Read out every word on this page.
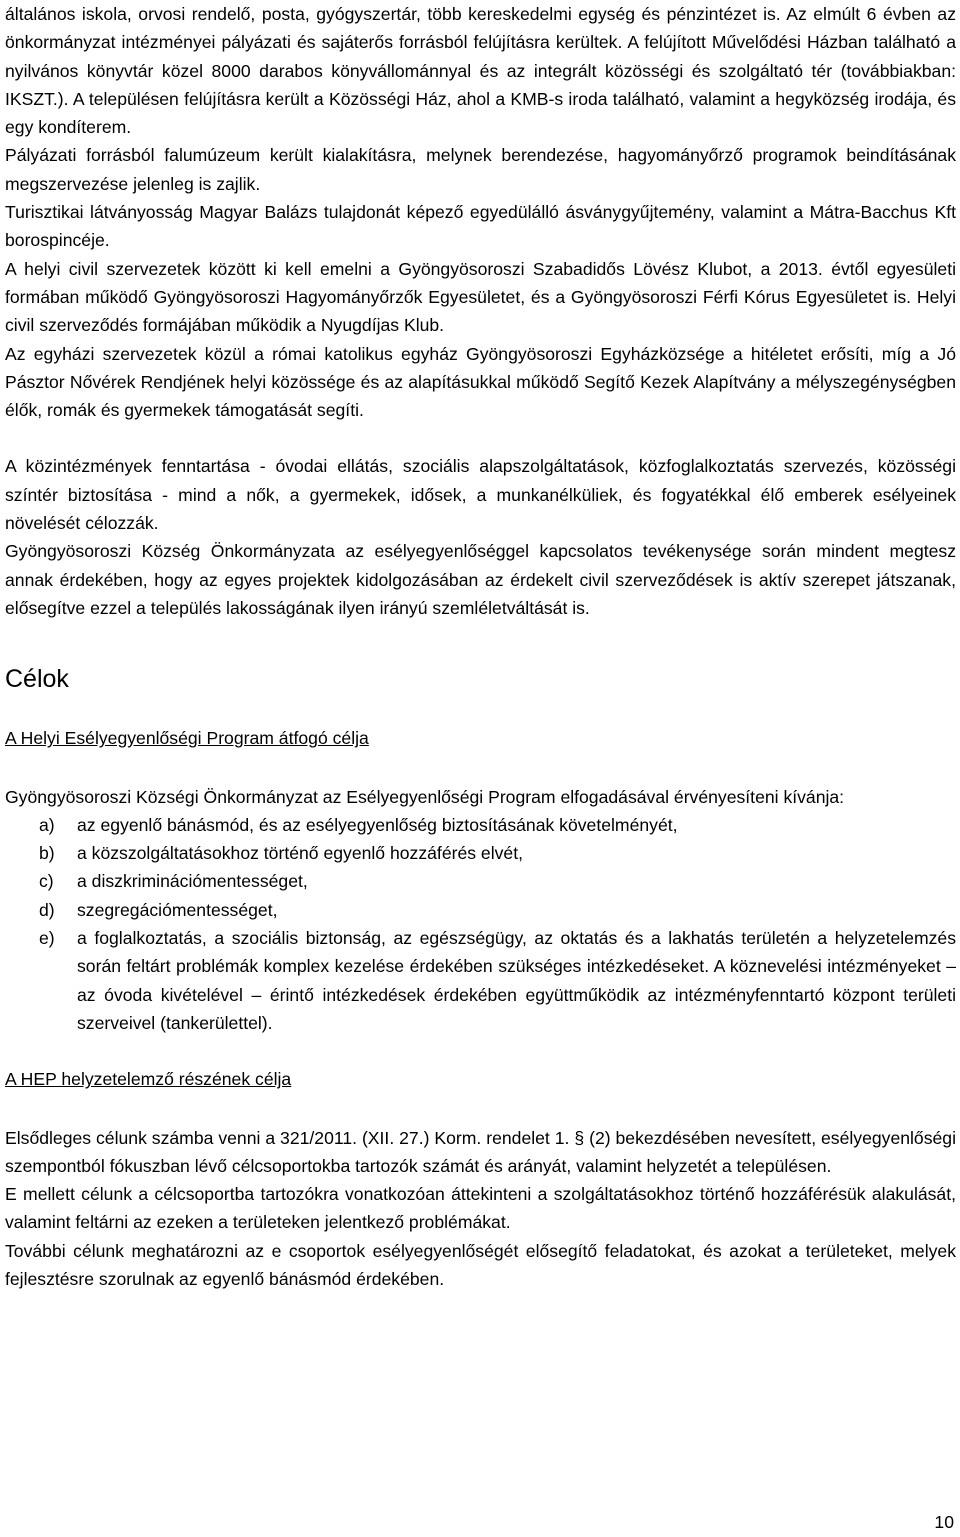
általános iskola, orvosi rendelő, posta, gyógyszertár, több kereskedelmi egység és pénzintézet is. Az elmúlt 6 évben az önkormányzat intézményei pályázati és sajáterős forrásból felújításra kerültek. A felújított Művelődési Házban található a nyilvános könyvtár közel 8000 darabos könyvállománnyal és az integrált közösségi és szolgáltató tér (továbbiakban: IKSZT.). A településen felújításra került a Közösségi Ház, ahol a KMB-s iroda található, valamint a hegyközség irodája, és egy kondíterem.

Pályázati forrásból falumúzeum került kialakításra, melynek berendezése, hagyományőrző programok beindításának megszervezése jelenleg is zajlik.

Turisztikai látványosság Magyar Balázs tulajdonát képező egyedülálló ásványgyűjtemény, valamint a Mátra-Bacchus Kft borospincéje.

A helyi civil szervezetek között ki kell emelni a Gyöngyösoroszi Szabadidős Lövész Klubot, a 2013. évtől egyesületi formában működő Gyöngyösoroszi Hagyományőrzők Egyesületet, és a Gyöngyösoroszi Férfi Kórus Egyesületet is. Helyi civil szerveződés formájában működik a Nyugdíjas Klub.

Az egyházi szervezetek közül a római katolikus egyház Gyöngyösoroszi Egyházközsége a hitéletet erősíti, míg a Jó Pásztor Nővérek Rendjének helyi közössége és az alapításukkal működő Segítő Kezek Alapítvány a mélyszegénységben élők, romák és gyermekek támogatását segíti.

A közintézmények fenntartása - óvodai ellátás, szociális alapszolgáltatások, közfoglalkoztatás szervezés, közösségi színtér biztosítása - mind a nők, a gyermekek, idősek, a munkanélküliek, és fogyatékkal élő emberek esélyeinek növelését célozzák.

Gyöngyösoroszi Község Önkormányzata az esélyegyenlőséggel kapcsolatos tevékenysége során mindent megtesz annak érdekében, hogy az egyes projektek kidolgozásában az érdekelt civil szerveződések is aktív szerepet játszanak, elősegítve ezzel a település lakosságának ilyen irányú szemléletváltását is.

Célok

A Helyi Esélyegyenlőségi Program átfogó célja

Gyöngyösoroszi Községi Önkormányzat az Esélyegyenlőségi Program elfogadásával érvényesíteni kívánja:

a)	az egyenlő bánásmód, és az esélyegyenlőség biztosításának követelményét,
b)	a közszolgáltatásokhoz történő egyenlő hozzáférés elvét,
c)	a diszkriminációmentességet,
d)	szegregációmentességet,
e)	a foglalkoztatás, a szociális biztonság, az egészségügy, az oktatás és a lakhatás területén a helyzetelemzés során feltárt problémák komplex kezelése érdekében szükséges intézkedéseket. A köznevelési intézményeket – az óvoda kivételével – érintő intézkedések érdekében együttműködik az intézményfenntartó központ területi szerveivel (tankerülettel).

A HEP helyzetelemző részének célja

Elsődleges célunk számba venni a 321/2011. (XII. 27.) Korm. rendelet 1. § (2) bekezdésében nevesített, esélyegyenlőségi szempontból fókuszban lévő célcsoportokba tartozók számát és arányát, valamint helyzetét a településen.

E mellett célunk a célcsoportba tartozókra vonatkozóan áttekinteni a szolgáltatásokhoz történő hozzáférésük alakulását, valamint feltárni az ezeken a területeken jelentkező problémákat.

További célunk meghatározni az e csoportok esélyegyenlőségét elősegítő feladatokat, és azokat a területeket, melyek fejlesztésre szorulnak az egyenlő bánásmód érdekében.

10
